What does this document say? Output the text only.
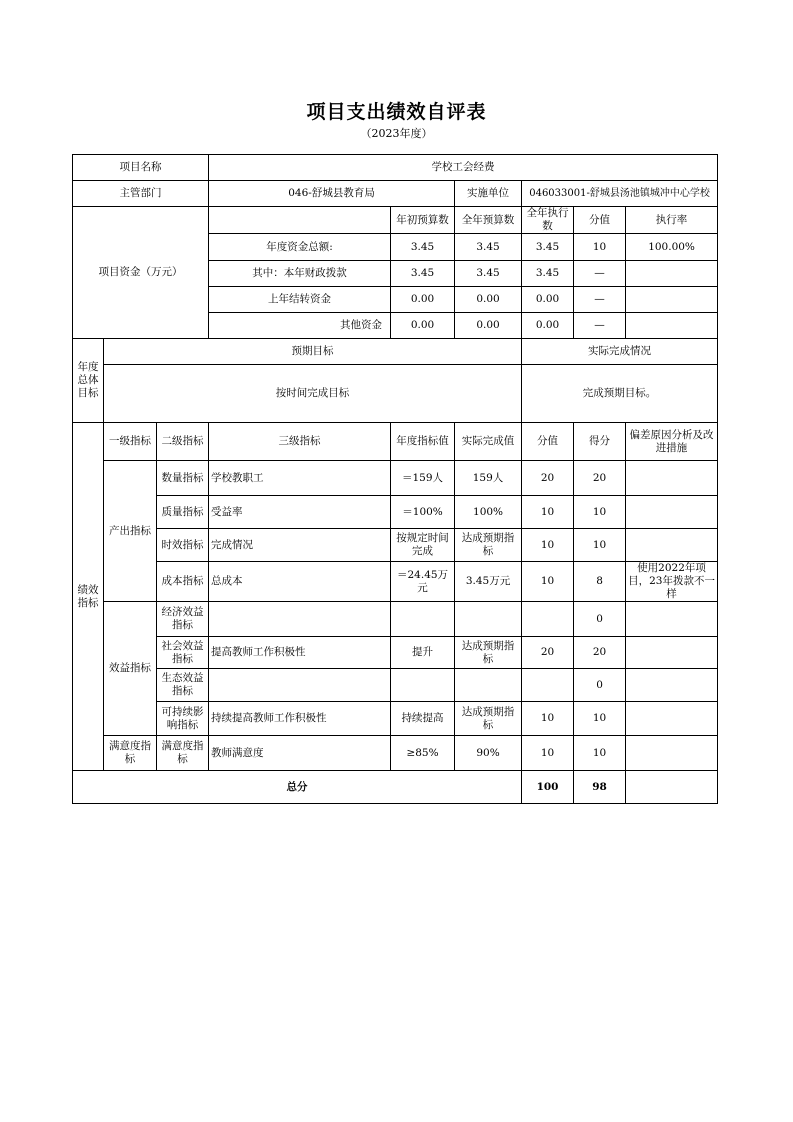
项目支出绩效自评表
（2023年度）
项目名称			学校工会经费						
主管部门			046-舒城县教育局		实施单位	046033001-舒城县汤池镇城冲中心学校			
项目资金（万元）				年初预算数	全年预算数	全年执行数	分值	执行率	
			年度资金总额:	3.45	3.45	3.45	10	100.00%	
			其中：本年财政拨款	3.45	3.45	3.45	—		
			上年结转资金	0.00	0.00	0.00	—		
			其他资金	0.00	0.00	0.00	—		
年度总体目标	预期目标					实际完成情况			
	按时间完成目标					完成预期目标。			
绩效指标	一级指标	二级指标	三级指标	年度指标值	实际完成值	分值	得分	偏差原因分析及改进措施	
	产出指标	数量指标	学校教职工	＝159人	159人	20	20		
		质量指标	受益率	＝100%	100%	10	10		
		时效指标	完成情况	按规定时间完成	达成预期指标	10	10		
		成本指标	总成本	＝24.45万元	3.45万元	10	8	使用2022年项目，23年拨款不一样	
	效益指标	经济效益指标					0		
		社会效益指标	提高教师工作积极性	提升	达成预期指标	20	20		
		生态效益指标					0		
		可持续影响指标	持续提高教师工作积极性	持续提高	达成预期指标	10	10		
	满意度指标	满意度指标	教师满意度	≥85%	90%	10	10		
总分						100	98		
